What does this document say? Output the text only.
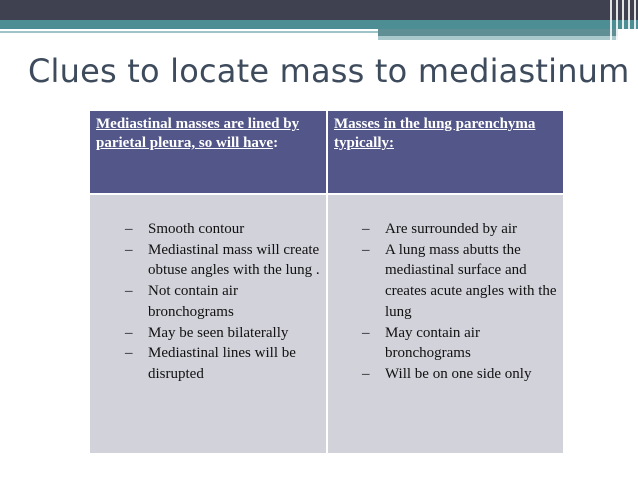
Clues to locate mass to mediastinum
Mediastinal masses are lined by parietal pleura, so will have:
Masses in the lung parenchyma typically:
– Smooth contour
– Mediastinal mass will create obtuse angles with the lung .
– Not contain air bronchograms
– May be seen bilaterally
– Mediastinal lines will be disrupted
– Are surrounded by air
– A lung mass abutts the mediastinal surface and creates acute angles with the lung
– May contain air bronchograms
– Will be on one side only
